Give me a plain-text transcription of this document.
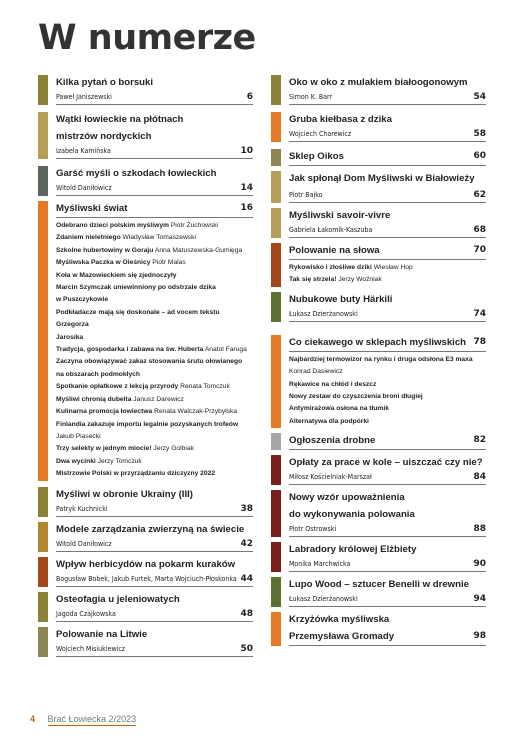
W numerze
Kilka pytań o borsuki
Paweł Janiszewski	6
Wątki łowieckie na płótnach
mistrzów nordyckich
Izabela Kamińska	10
Garść myśli o szkodach łowieckich
Witold Daniłowicz	14
Myśliwski świat	16
Odebrano dzieci polskim myśliwym Piotr Żuchowski
Zdaniem nieletniego Władysław Tomaszewski
Szkolne hubertowiny w Goraju Anna Matuszewska-Gumięga
Myśliwska Paczka w Oleśnicy Piotr Malas
Koła w Mazowieckiem się zjednoczyły
Marcin Szymczak uniewinniony po odstrzale dzika
w Puszczykowie
Podkładacze mają się doskonale – ad vocem tekstu Grzegorza
Jarosika
Tradycja, gospodarka i zabawa na św. Huberta Anatol Faruga
Zaczyna obowiązywać zakaz stosowania śrutu ołowianego
na obszarach podmokłych
Spotkanie opłatkowe z lekcją przyrody Renata Tomczuk
Myśliwi chronią dubelta Janusz Darewicz
Kulinarna promocja łowiectwa Renata Walczak-Przybyłska
Finlandia zakazuje importu legalnie pozyskanych trofeów
Jakub Piasecki
Trzy selekty w jednym miocie! Jerzy Golbiak
Dwa wycinki Jerzy Tomczuk
Mistrzowie Polski w przyrządzaniu dziczyzny 2022
Myśliwi w obronie Ukrainy (III)
Patryk Kuchnicki	38
Modele zarządzania zwierzyną na świecie
Witold Daniłowicz	42
Wpływ herbicydów na pokarm kuraków
Bogusław Bobek, Jakub Furtek, Marta Wojciuch-Płoskonka 44
Osteofagia u jeleniowatych
Jagoda Czajkowska	48
Polowanie na Litwie
Wojciech Misiukiewicz	50
Oko w oko z mulakiem białoogonowym
Simon K. Barr	54
Gruba kiełbasa z dzika
Wojciech Charewicz	58
Sklep Oikos	60
Jak spłonął Dom Myśliwski w Białowieży
Piotr Bajko	62
Myśliwski savoir-vivre
Gabriela Łakomik-Kaszuba	68
Polowanie na słowa	70
Rykowisko i złośliwe dziki Wiesław Hop
Tak się strzela! Jerzy Woźniak
Nubukowe buty Härkili
Łukasz Dzierżanowski	74
Co ciekawego w sklepach myśliwskich 78
Najbardziej termowizor na rynku i druga odsłona E3 maxa
Konrad Dasiewicz
Rękawice na chłód i deszcz
Nowy zestaw do czyszczenia broni długiej
Antymirażowa osłona na tłumik
Alternatywa dla podpórki
Ogłoszenia drobne	82
Opłaty za prace w kole – uiszczać czy nie?
Miłosz Kościelniak-Marszał	84
Nowy wzór upoważnienia
do wykonywania polowania
Piotr Ostrowski	88
Labradory królowej Elżbiety
Monika Marchwicka	90
Lupo Wood – sztucer Benelli w drewnie
Łukasz Dzierżanowski	94
Krzyżówka myśliwska
Przemysława Gromady	98
4 Brać Łowiecka 2/2023
